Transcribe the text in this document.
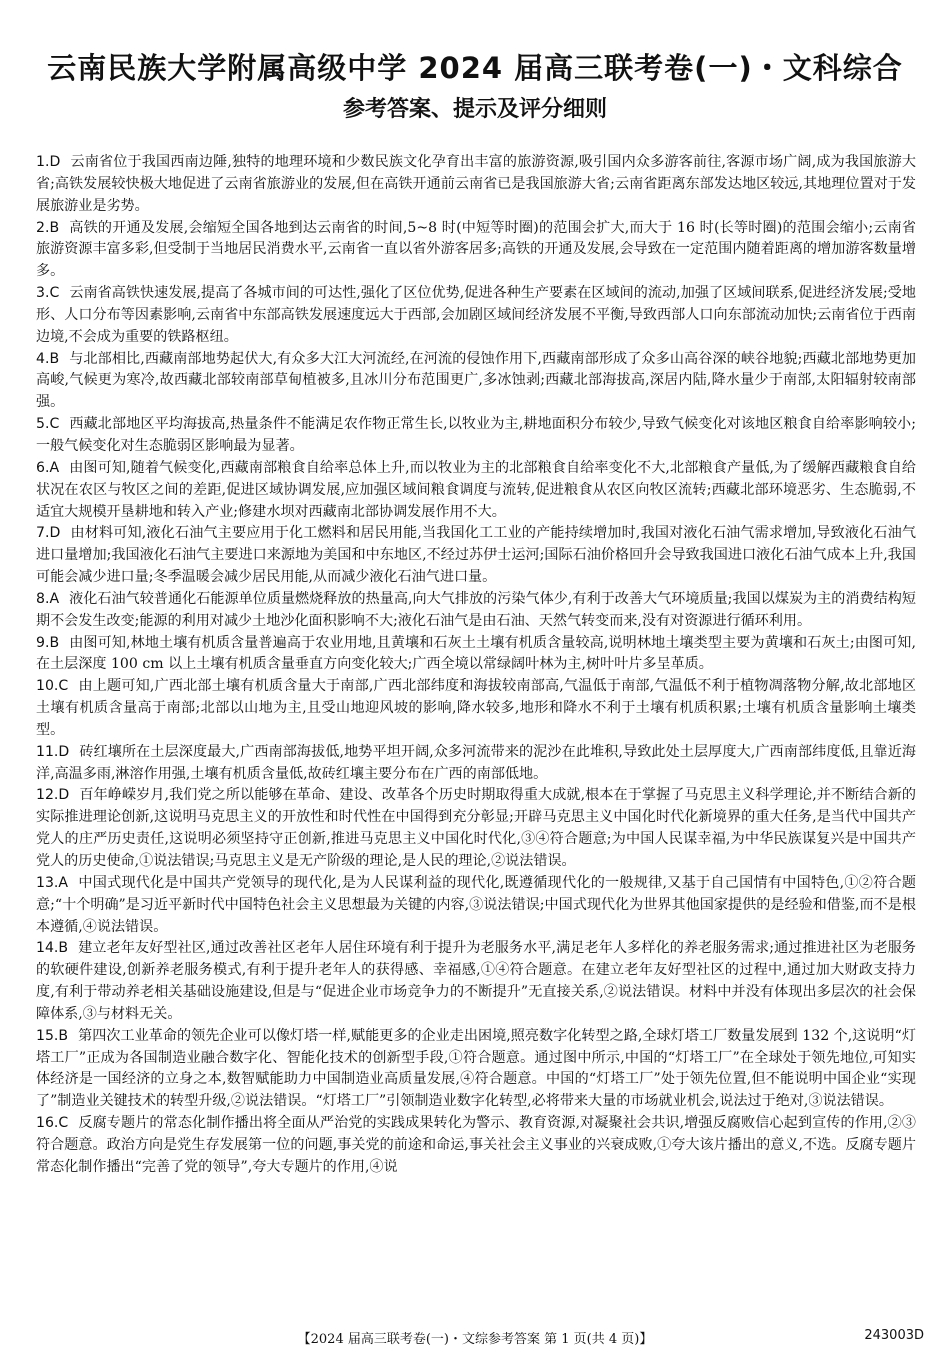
云南民族大学附属高级中学 2024 届高三联考卷(一)・文科综合
参考答案、提示及评分细则

1.D 云南省位于我国西南边陲,独特的地理环境和少数民族文化孕育出丰富的旅游资源,吸引国内众多游客前往,客源市场广阔,成为我国旅游大省;高铁发展较快极大地促进了云南省旅游业的发展,但在高铁开通前云南省已是我国旅游大省;云南省距离东部发达地区较远,其地理位置对于发展旅游业是劣势。

2.B 高铁的开通及发展,会缩短全国各地到达云南省的时间,5~8 时(中短等时圈)的范围会扩大,而大于 16 时(长等时圈)的范围会缩小;云南省旅游资源丰富多彩,但受制于当地居民消费水平,云南省一直以省外游客居多;高铁的开通及发展,会导致在一定范围内随着距离的增加游客数量增多。

3.C 云南省高铁快速发展,提高了各城市间的可达性,强化了区位优势,促进各种生产要素在区域间的流动,加强了区域间联系,促进经济发展;受地形、人口分布等因素影响,云南省中东部高铁发展速度远大于西部,会加剧区域间经济发展不平衡,导致西部人口向东部流动加快;云南省位于西南边境,不会成为重要的铁路枢纽。

4.B 与北部相比,西藏南部地势起伏大,有众多大江大河流经,在河流的侵蚀作用下,西藏南部形成了众多山高谷深的峡谷地貌;西藏北部地势更加高峻,气候更为寒冷,故西藏北部较南部草甸植被多,且冰川分布范围更广,多冰蚀剥;西藏北部海拔高,深居内陆,降水量少于南部,太阳辐射较南部强。

5.C 西藏北部地区平均海拔高,热量条件不能满足农作物正常生长,以牧业为主,耕地面积分布较少,导致气候变化对该地区粮食自给率影响较小;一般气候变化对生态脆弱区影响最为显著。

6.A 由图可知,随着气候变化,西藏南部粮食自给率总体上升,而以牧业为主的北部粮食自给率变化不大,北部粮食产量低,为了缓解西藏粮食自给状况在农区与牧区之间的差距,促进区域协调发展,应加强区域间粮食调度与流转,促进粮食从农区向牧区流转;西藏北部环境恶劣、生态脆弱,不适宜大规模开垦耕地和转入产业;修建水坝对西藏南北部协调发展作用不大。

7.D 由材料可知,液化石油气主要应用于化工燃料和居民用能,当我国化工工业的产能持续增加时,我国对液化石油气需求增加,导致液化石油气进口量增加;我国液化石油气主要进口来源地为美国和中东地区,不经过苏伊士运河;国际石油价格回升会导致我国进口液化石油气成本上升,我国可能会减少进口量;冬季温暖会减少居民用能,从而减少液化石油气进口量。

8.A 液化石油气较普通化石能源单位质量燃烧释放的热量高,向大气排放的污染气体少,有利于改善大气环境质量;我国以煤炭为主的消费结构短期不会发生改变;能源的利用对减少土地沙化面积影响不大;液化石油气是由石油、天然气转变而来,没有对资源进行循环利用。

9.B 由图可知,林地土壤有机质含量普遍高于农业用地,且黄壤和石灰土土壤有机质含量较高,说明林地土壤类型主要为黄壤和石灰土;由图可知,在土层深度 100 cm 以上土壤有机质含量垂直方向变化较大;广西全境以常绿阔叶林为主,树叶叶片多呈革质。

10.C 由上题可知,广西北部土壤有机质含量大于南部,广西北部纬度和海拔较南部高,气温低于南部,气温低不利于植物凋落物分解,故北部地区土壤有机质含量高于南部;北部以山地为主,且受山地迎风坡的影响,降水较多,地形和降水不利于土壤有机质积累;土壤有机质含量影响土壤类型。

11.D 砖红壤所在土层深度最大,广西南部海拔低,地势平坦开阔,众多河流带来的泥沙在此堆积,导致此处土层厚度大,广西南部纬度低,且靠近海洋,高温多雨,淋溶作用强,土壤有机质含量低,故砖红壤主要分布在广西的南部低地。

12.D 百年峥嵘岁月,我们党之所以能够在革命、建设、改革各个历史时期取得重大成就,根本在于掌握了马克思主义科学理论,并不断结合新的实际推进理论创新,这说明马克思主义的开放性和时代性在中国得到充分彰显;开辟马克思主义中国化时代化新境界的重大任务,是当代中国共产党人的庄严历史责任,这说明必须坚持守正创新,推进马克思主义中国化时代化,③④符合题意;为中国人民谋幸福,为中华民族谋复兴是中国共产党人的历史使命,①说法错误;马克思主义是无产阶级的理论,是人民的理论,②说法错误。

13.A 中国式现代化是中国共产党领导的现代化,是为人民谋利益的现代化,既遵循现代化的一般规律,又基于自己国情有中国特色,①②符合题意;“十个明确”是习近平新时代中国特色社会主义思想最为关键的内容,③说法错误;中国式现代化为世界其他国家提供的是经验和借鉴,而不是根本遵循,④说法错误。

14.B 建立老年友好型社区,通过改善社区老年人居住环境有利于提升为老服务水平,满足老年人多样化的养老服务需求;通过推进社区为老服务的软硬件建设,创新养老服务模式,有利于提升老年人的获得感、幸福感,①④符合题意。在建立老年友好型社区的过程中,通过加大财政支持力度,有利于带动养老相关基础设施建设,但是与“促进企业市场竞争力的不断提升”无直接关系,②说法错误。材料中并没有体现出多层次的社会保障体系,③与材料无关。

15.B 第四次工业革命的领先企业可以像灯塔一样,赋能更多的企业走出困境,照亮数字化转型之路,全球灯塔工厂数量发展到 132 个,这说明“灯塔工厂”正成为各国制造业融合数字化、智能化技术的创新型手段,①符合题意。通过图中所示,中国的“灯塔工厂”在全球处于领先地位,可知实体经济是一国经济的立身之本,数智赋能助力中国制造业高质量发展,④符合题意。中国的“灯塔工厂”处于领先位置,但不能说明中国企业“实现了”制造业关键技术的转型升级,②说法错误。“灯塔工厂”引领制造业数字化转型,必将带来大量的市场就业机会,说法过于绝对,③说法错误。

16.C 反腐专题片的常态化制作播出将全面从严治党的实践成果转化为警示、教育资源,对凝聚社会共识,增强反腐败信心起到宣传的作用,②③符合题意。政治方向是党生存发展第一位的问题,事关党的前途和命运,事关社会主义事业的兴衰成败,①夸大该片播出的意义,不选。反腐专题片常态化制作播出“完善了党的领导”,夸大专题片的作用,④说

【2024 届高三联考卷(一)・文综参考答案 第 1 页(共 4 页)】	243003D
